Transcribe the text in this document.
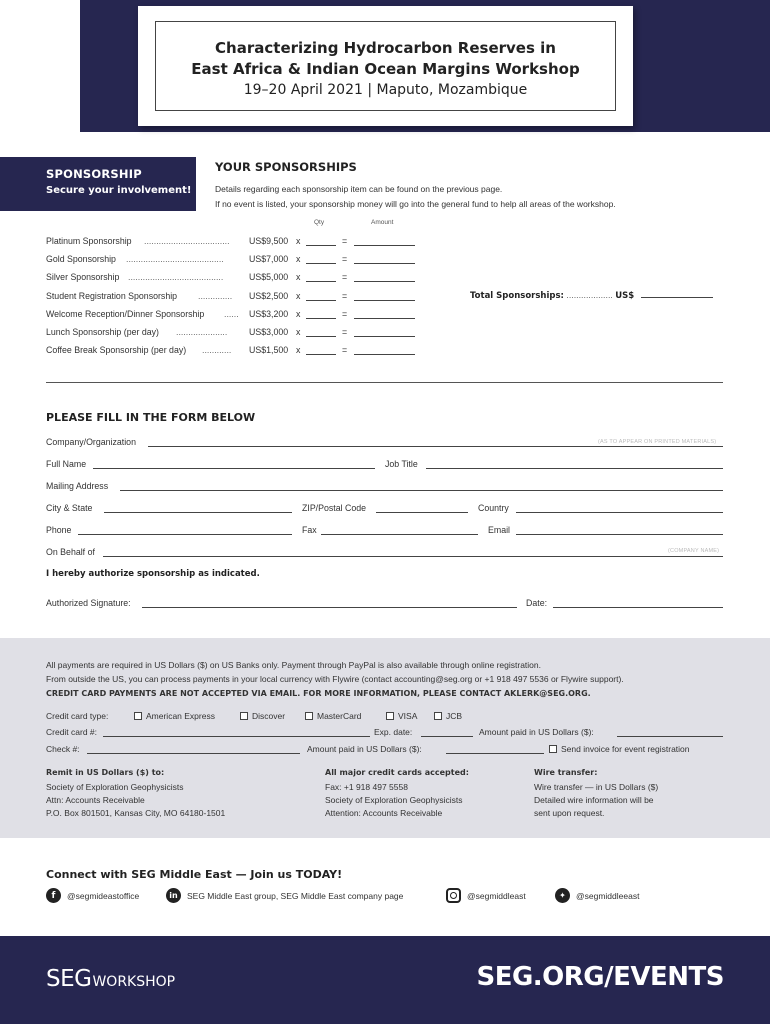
Characterizing Hydrocarbon Reserves in
East Africa & Indian Ocean Margins Workshop
19–20 April 2021 | Maputo, Mozambique
SPONSORSHIP
Secure your involvement!
YOUR SPONSORSHIPS
Details regarding each sponsorship item can be found on the previous page.
If no event is listed, your sponsorship money will go into the general fund to help all areas of the workshop.
Qty	Amount
Platinum Sponsorship ................................... US$9,500 x	=
Gold Sponsorship ........................................	US$7,000 x	=
Silver Sponsorship .......................................	US$5,000 x	=
Student Registration Sponsorship .............. US$2,500 x	=
Welcome Reception/Dinner Sponsorship ...... US$3,200 x	=
Lunch Sponsorship (per day) ..................... US$3,000 x	=
Coffee Break Sponsorship (per day) ............ US$1,500 x	=
Total Sponsorships: ................... US$
PLEASE FILL IN THE FORM BELOW
Company/Organization	(AS TO APPEAR ON PRINTED MATERIALS)
Full Name	Job Title
Mailing Address
City & State	ZIP/Postal Code	Country
Phone	Fax	Email
On Behalf of	(COMPANY NAME)
I hereby authorize sponsorship as indicated.
Authorized Signature:	Date:
All payments are required in US Dollars ($) on US Banks only. Payment through PayPal is also available through online registration.
From outside the US, you can process payments in your local currency with Flywire (contact accounting@seg.org or +1 918 497 5536 or Flywire support).
CREDIT CARD PAYMENTS ARE NOT ACCEPTED VIA EMAIL. FOR MORE INFORMATION, PLEASE CONTACT AKLERK@SEG.ORG.
Credit card type:	American Express	Discover	MasterCard	VISA	JCB
Credit card #:	Exp. date:	Amount paid in US Dollars ($):
Check #:	Amount paid in US Dollars ($):	Send invoice for event registration
Remit in US Dollars ($) to:
Society of Exploration Geophysicists
Attn: Accounts Receivable
P.O. Box 801501, Kansas City, MO 64180-1501
All major credit cards accepted:
Fax: +1 918 497 5558
Society of Exploration Geophysicists
Attention: Accounts Receivable
Wire transfer:
Wire transfer — in US Dollars ($)
Detailed wire information will be
sent upon request.
Connect with SEG Middle East — Join us TODAY!
f	@segmideastoffice	in	SEG Middle East group, SEG Middle East company page	@segmiddleast	✦	@segmiddleeast
SEGWORKSHOP	SEG.ORG/EVENTS
